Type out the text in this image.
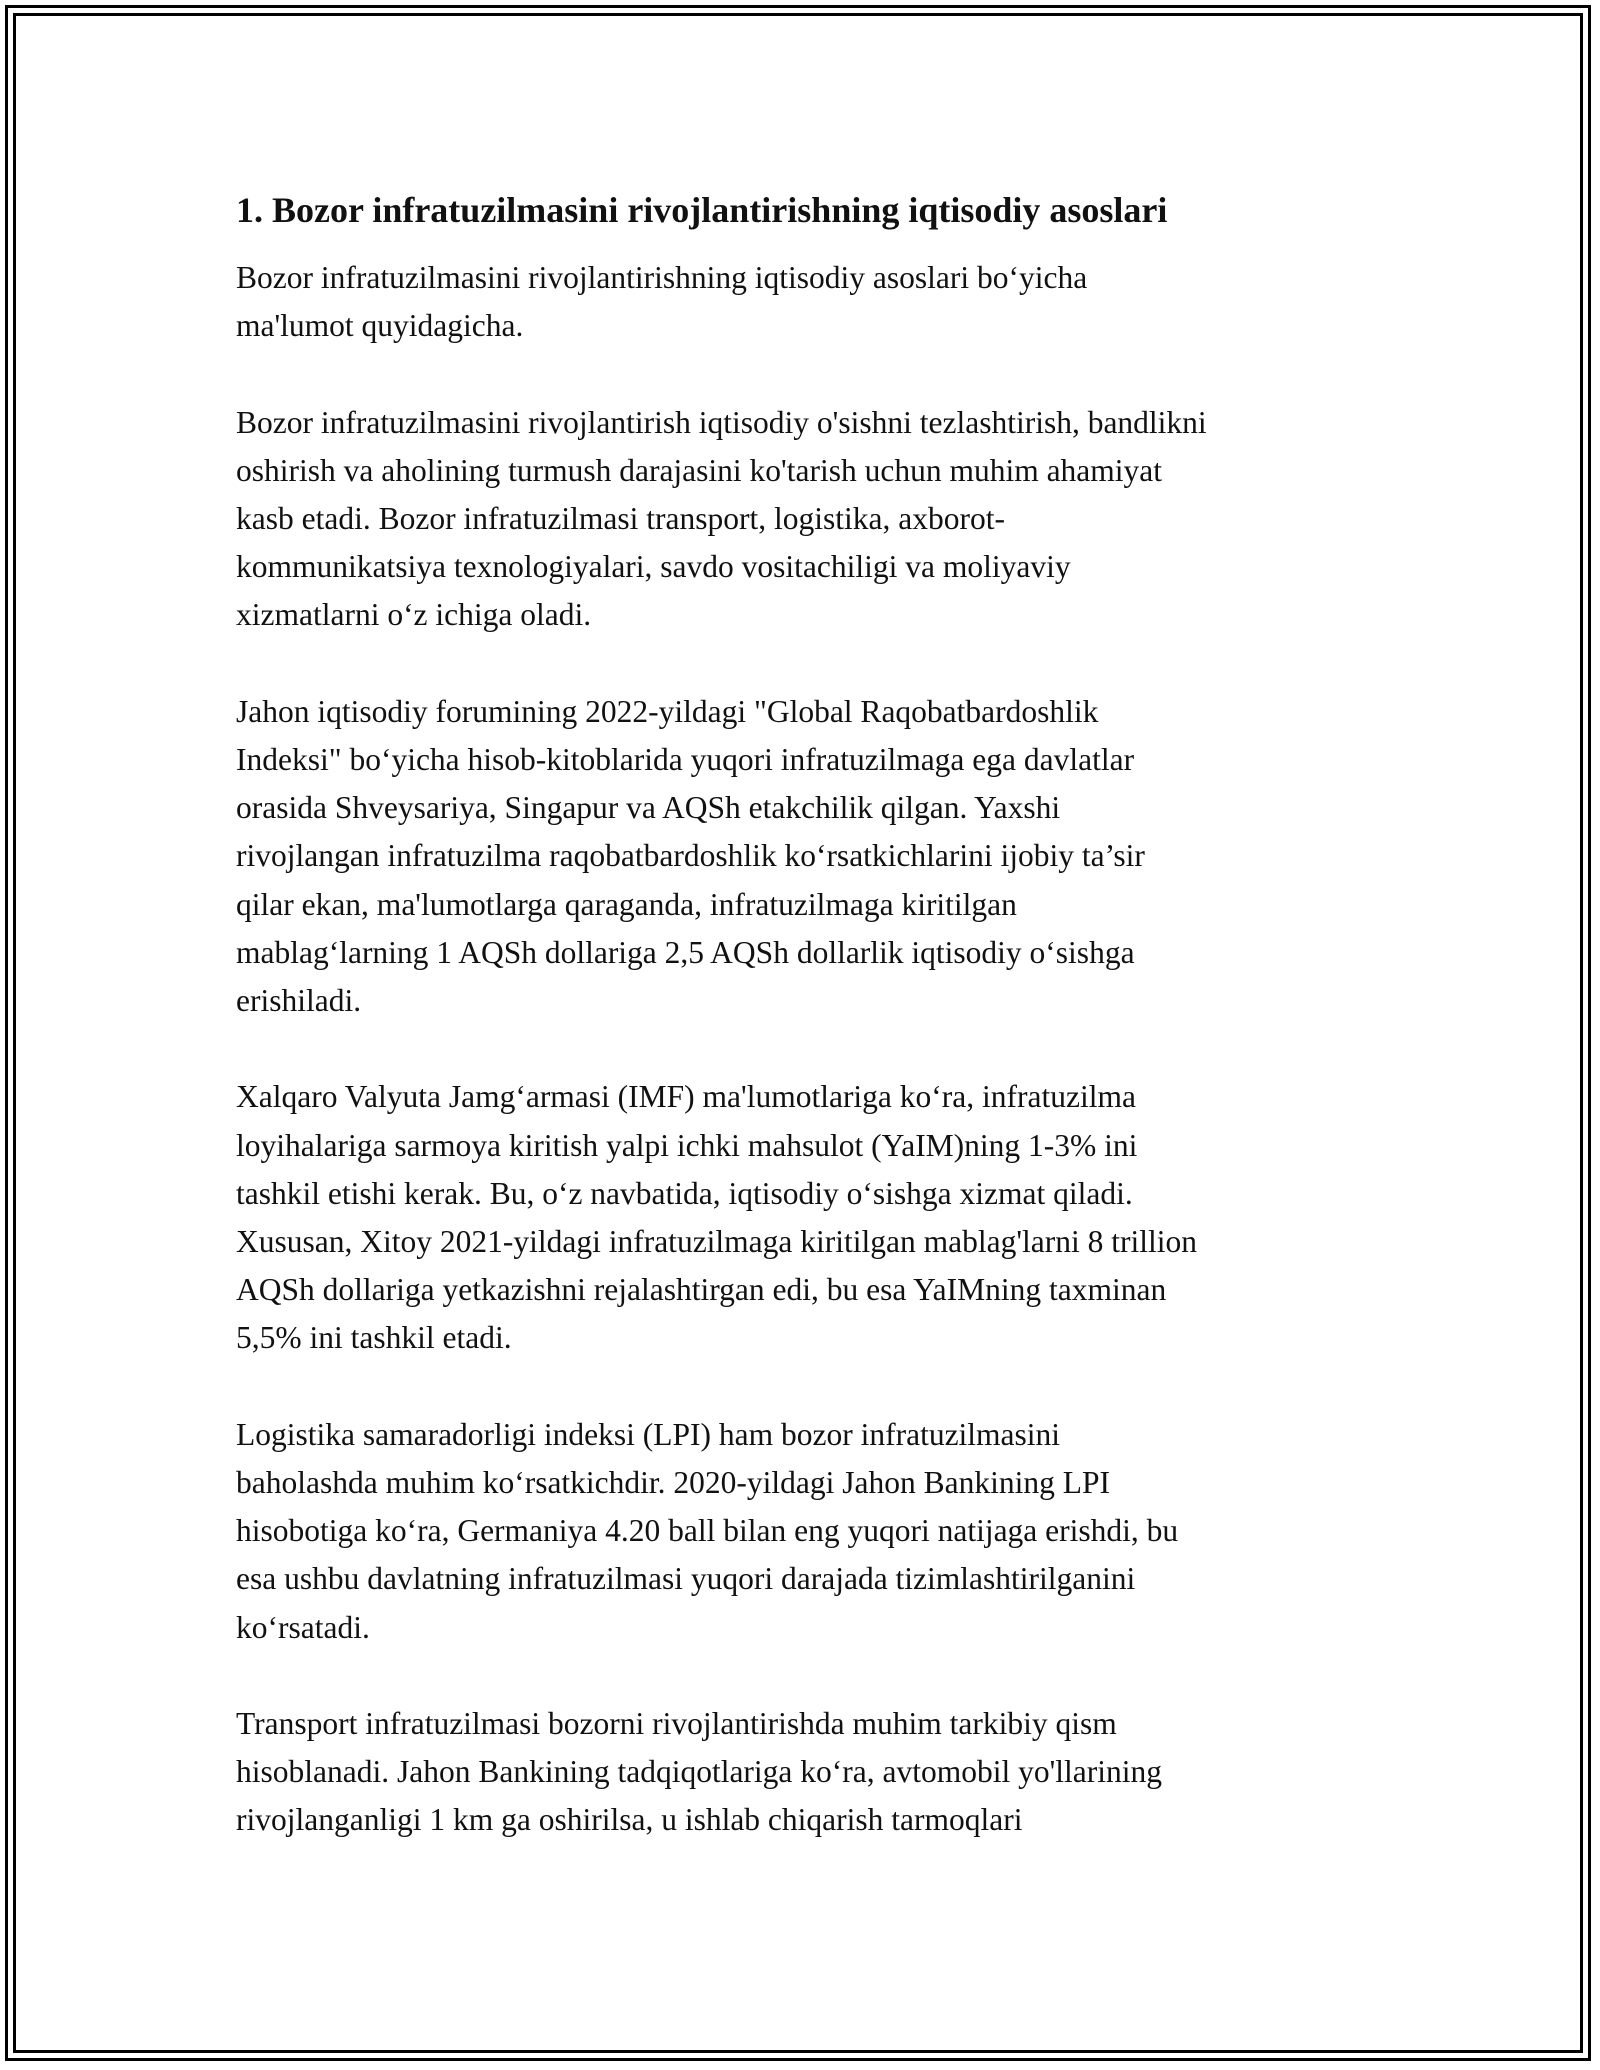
1. Bozor infratuzilmasini rivojlantirishning iqtisodiy asoslari

Bozor infratuzilmasini rivojlantirishning iqtisodiy asoslari bo‘yicha
ma'lumot quyidagicha.

Bozor infratuzilmasini rivojlantirish iqtisodiy o'sishni tezlashtirish, bandlikni
oshirish va aholining turmush darajasini ko'tarish uchun muhim ahamiyat
kasb etadi. Bozor infratuzilmasi transport, logistika, axborot-
kommunikatsiya texnologiyalari, savdo vositachiligi va moliyaviy
xizmatlarni o‘z ichiga oladi.

Jahon iqtisodiy forumining 2022-yildagi "Global Raqobatbardoshlik
Indeksi" bo‘yicha hisob-kitoblarida yuqori infratuzilmaga ega davlatlar
orasida Shveysariya, Singapur va AQSh etakchilik qilgan. Yaxshi
rivojlangan infratuzilma raqobatbardoshlik ko‘rsatkichlarini ijobiy ta’sir
qilar ekan, ma'lumotlarga qaraganda, infratuzilmaga kiritilgan
mablag‘larning 1 AQSh dollariga 2,5 AQSh dollarlik iqtisodiy o‘sishga
erishiladi.

Xalqaro Valyuta Jamg‘armasi (IMF) ma'lumotlariga ko‘ra, infratuzilma
loyihalariga sarmoya kiritish yalpi ichki mahsulot (YaIM)ning 1-3% ini
tashkil etishi kerak. Bu, o‘z navbatida, iqtisodiy o‘sishga xizmat qiladi.
Xususan, Xitoy 2021-yildagi infratuzilmaga kiritilgan mablag'larni 8 trillion
AQSh dollariga yetkazishni rejalashtirgan edi, bu esa YaIMning taxminan
5,5% ini tashkil etadi.

Logistika samaradorligi indeksi (LPI) ham bozor infratuzilmasini
baholashda muhim ko‘rsatkichdir. 2020-yildagi Jahon Bankining LPI
hisobotiga ko‘ra, Germaniya 4.20 ball bilan eng yuqori natijaga erishdi, bu
esa ushbu davlatning infratuzilmasi yuqori darajada tizimlashtirilganini
ko‘rsatadi.

Transport infratuzilmasi bozorni rivojlantirishda muhim tarkibiy qism
hisoblanadi. Jahon Bankining tadqiqotlariga ko‘ra, avtomobil yo'llarining
rivojlanganligi 1 km ga oshirilsa, u ishlab chiqarish tarmoqlari
